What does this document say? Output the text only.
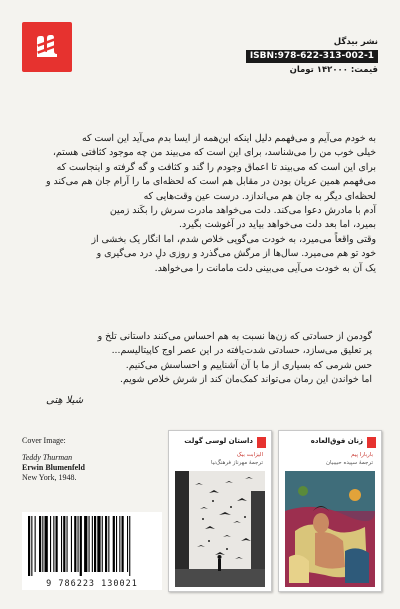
نشر بیدگل
ISBN:978-622-313-002-1
قیمت: ۱۴۲۰۰۰ تومان
به خودم می‌آیم و می‌فهمم دلیل اینکه این‌همه از ایسا بدم می‌آید این است که
خیلی خوب من را می‌شناسد، برای این است که می‌بیند من چه موجود کثافتی هستم،
برای این است که می‌بیند تا اعماق وجودم را گند و کثافت و گه گرفته و اینجاست که
می‌فهمم همین عریان بودن در مقابل هم است که لحظه‌ای ما را آرام جان هم می‌کند و
لحظه‌ای دیگر به جان هم می‌اندازد. درست عین وقت‌هایی که
آدم با مادرش دعوا می‌کند. دلت می‌خواهد مادرت سرش را بکَند زمین
بمیرد، اما بعد دلت می‌خواهد بیاید در آغوشت بگیرد.
وقتی واقعاً می‌میرد، به خودت می‌گویی خلاص شدم، اما انگار یک بخشی از
خود تو هم می‌میرد. سال‌ها از مرگش می‌گذرد و روزی دلِ درد می‌گیری و
یک آن به خودت می‌آیی می‌بینی دلت مامانت را می‌خواهد.
گودمن از حسادتی که زن‌ها نسبت به هم احساس می‌کنند داستانی تلخ و
پر تعلیق می‌سازد، حسادتی شدت‌یافته در این عصر اوج کاپیتالیسم...
حس شرمی که بسیاری از ما با آن آشناییم و احساسش می‌کنیم.
اما خواندن این رمان می‌تواند کمک‌مان کند از شرش خلاص شویم.
شیلا هِتی
Cover Image:
Teddy Thurman
Erwin Blumenfeld
New York, 1948.
9 786223 130021
داستان لوسی گولت
الیزابت بیک
ترجمهٔ مهرناز فرهنگ‌نیا
زنان فوق‌العاده
باربارا پیم
ترجمهٔ سپیده حبیبیان
